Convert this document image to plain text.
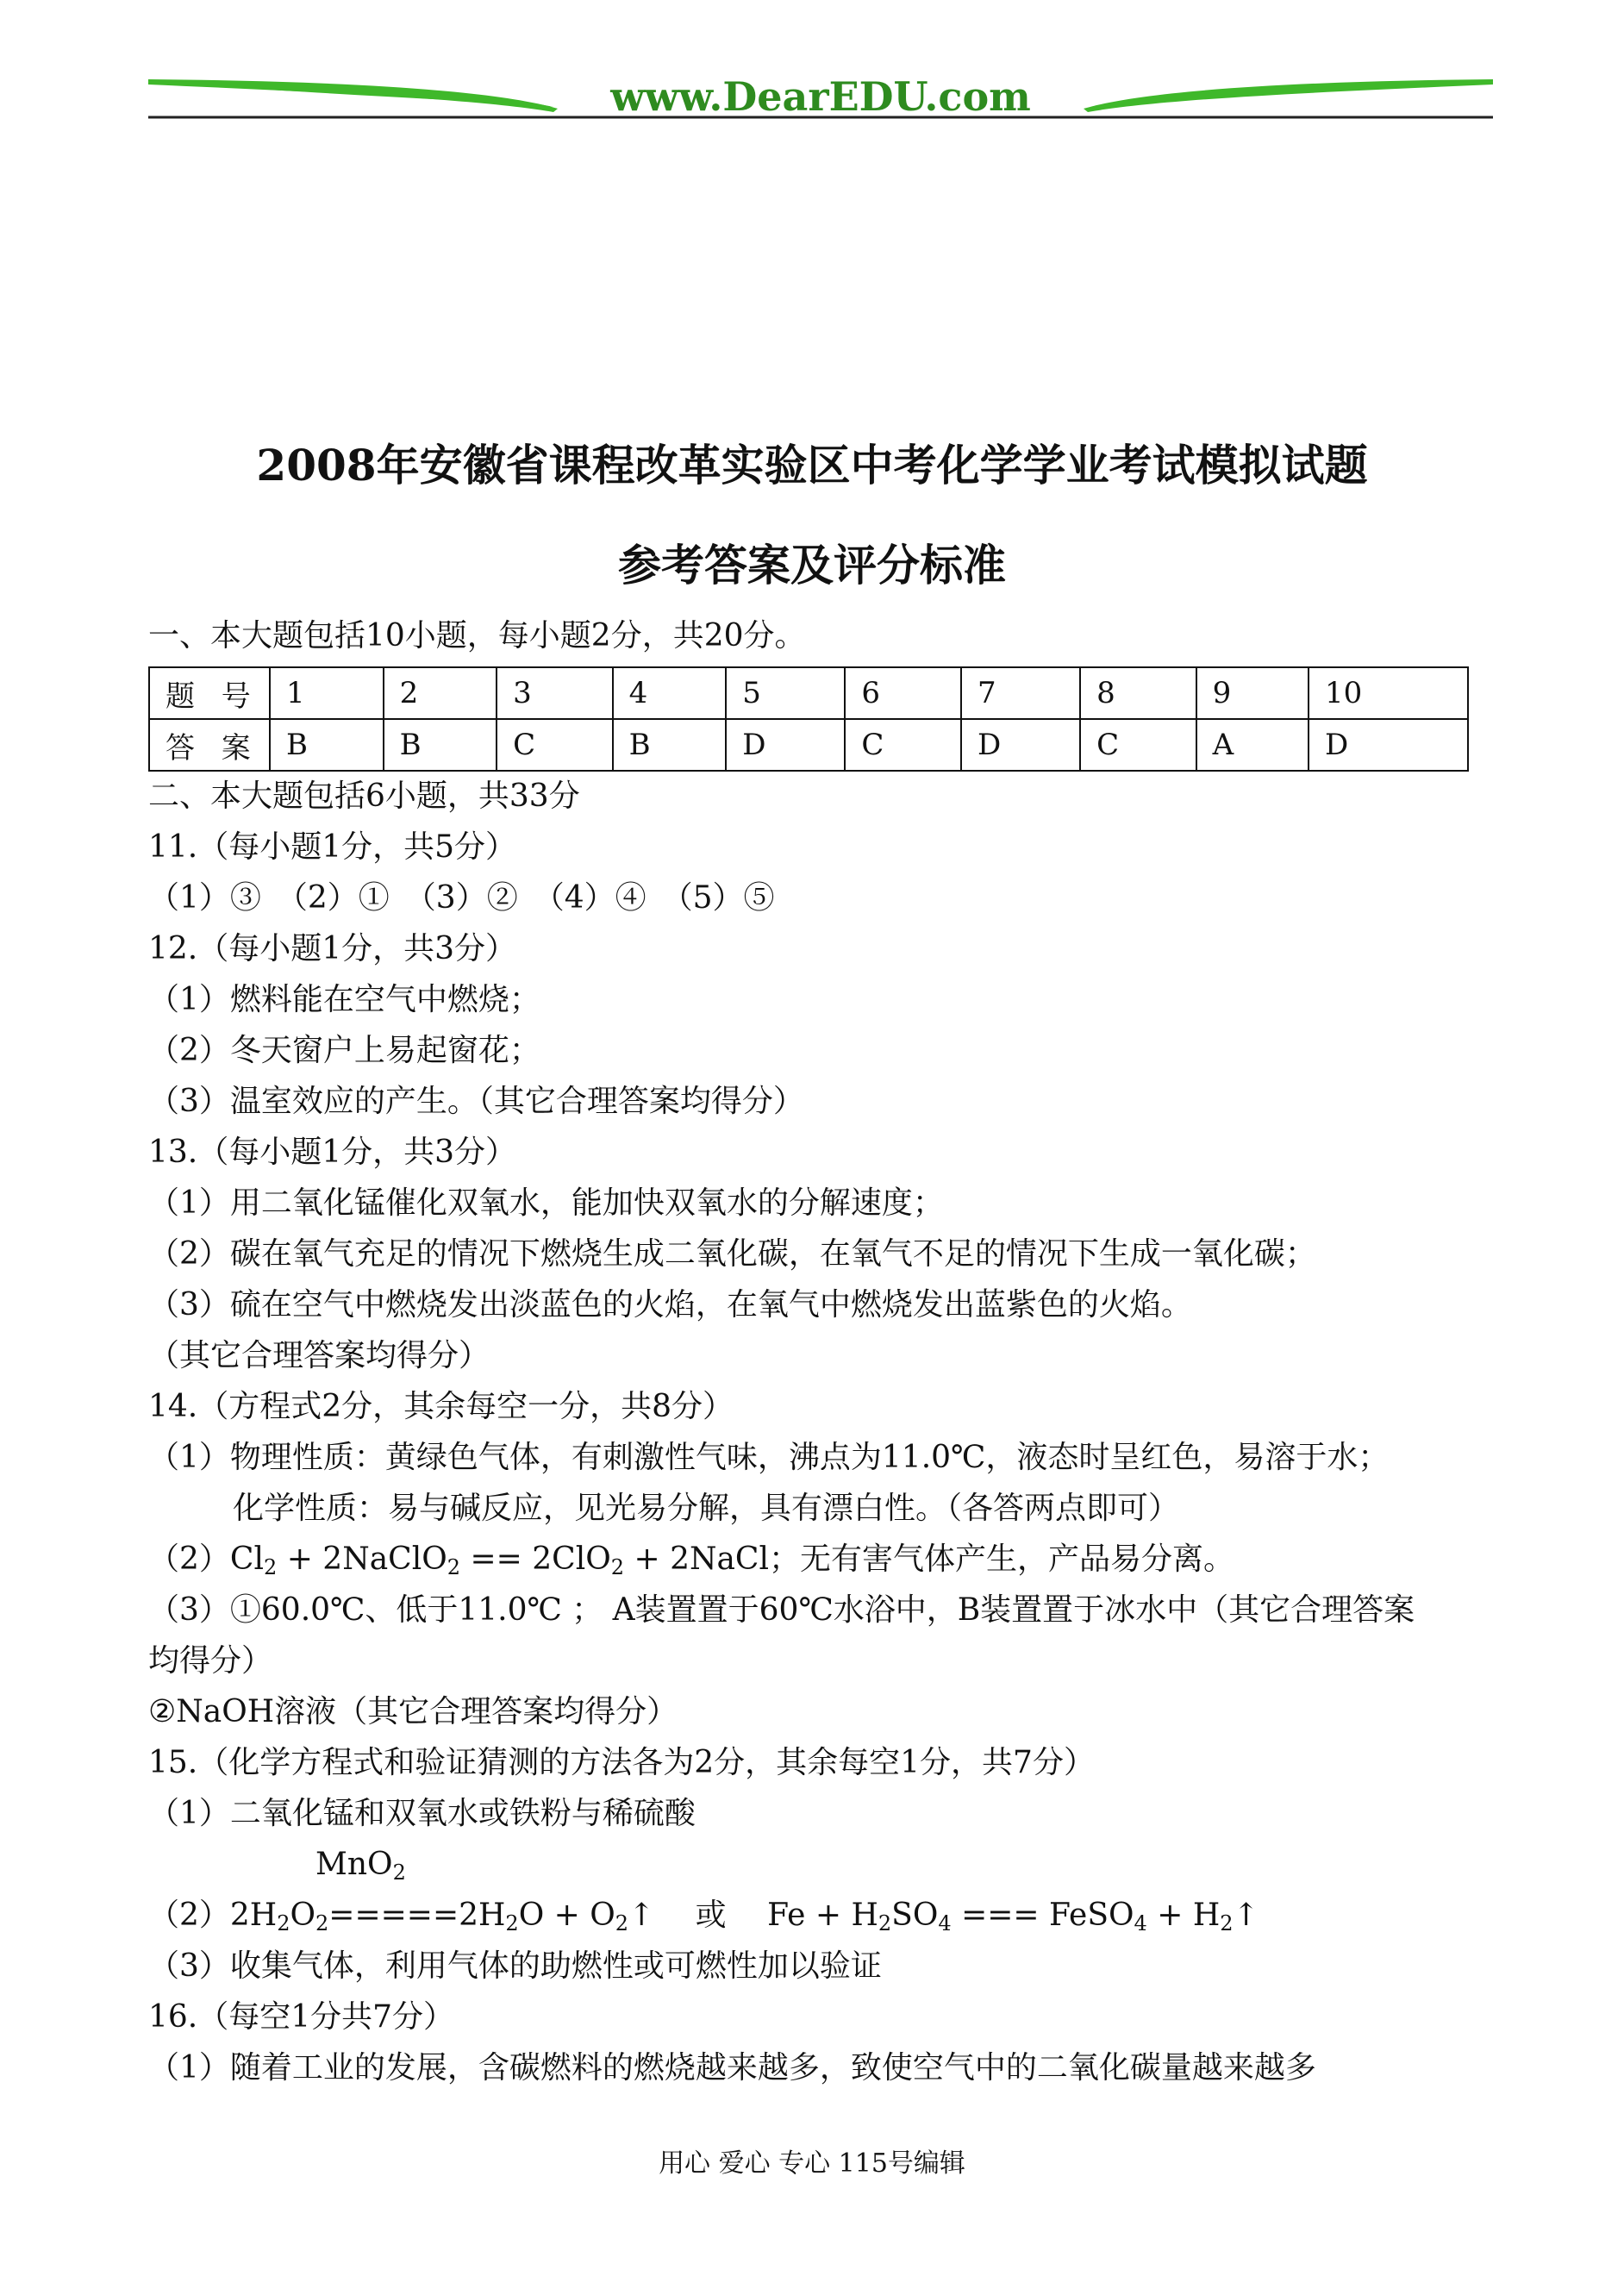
www.DearEDU.com
2008年安徽省课程改革实验区中考化学学业考试模拟试题
参考答案及评分标准
一、本大题包括10小题，每小题2分，共20分。
题 号	1	2	3	4	5	6	7	8	9	10
答 案	B	B	C	B	D	C	D	C	A	D
二、本大题包括6小题，共33分
11.（每小题1分，共5分）
（1）③　（2）①　（3）②　（4）④　（5）⑤
12.（每小题1分，共3分）
（1）燃料能在空气中燃烧；
（2）冬天窗户上易起窗花；
（3）温室效应的产生。（其它合理答案均得分）
13.（每小题1分，共3分）
（1）用二氧化锰催化双氧水，能加快双氧水的分解速度；
（2）碳在氧气充足的情况下燃烧生成二氧化碳，在氧气不足的情况下生成一氧化碳；
（3）硫在空气中燃烧发出淡蓝色的火焰，在氧气中燃烧发出蓝紫色的火焰。
（其它合理答案均得分）
14.（方程式2分，其余每空一分，共8分）
（1）物理性质：黄绿色气体，有刺激性气味，沸点为11.0℃，液态时呈红色，易溶于水；
化学性质：易与碱反应，见光易分解，具有漂白性。（各答两点即可）
$(2)Cl_2$ + 2NaClO$_2$ == 2ClO$_2$ + 2NaCl；无有害气体产生，产品易分离。
（3）①60.0℃、低于11.0℃ ； A装置置于60℃水浴中，B装置置于冰水中（其它合理答案
均得分）
②NaOH溶液（其它合理答案均得分）
15.（化学方程式和验证猜测的方法各为2分，其余每空1分，共7分）
（1）二氧化锰和双氧水或铁粉与稀硫酸
MnO$_2$
$(2)2H_2O_2=====2H_2O$ + $O_2↑$　 或　 $Fe + H_2SO_4$ === FeSO$_4$ + $H_2↑$
（3）收集气体，利用气体的助燃性或可燃性加以验证
16.（每空1分共7分）
（1）随着工业的发展，含碳燃料的燃烧越来越多，致使空气中的二氧化碳量越来越多
用心 爱心 专心 115号编辑
